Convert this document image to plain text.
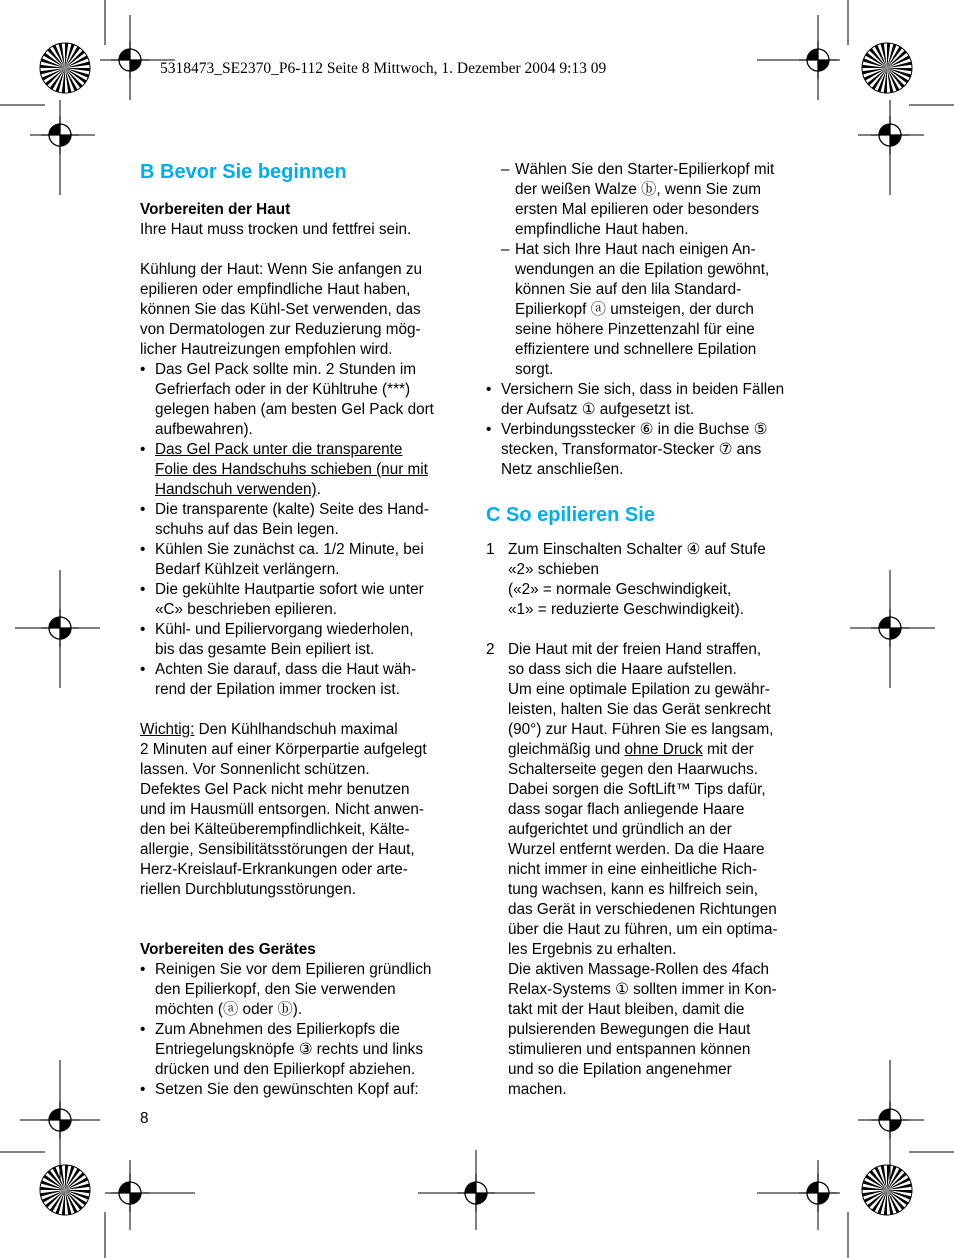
5318473_SE2370_P6-112 Seite 8 Mittwoch, 1. Dezember 2004 9:13 09

B Bevor Sie beginnen

Vorbereiten der Haut

Ihre Haut muss trocken und fettfrei sein.

Kühlung der Haut: Wenn Sie anfangen zu
epilieren oder empfindliche Haut haben,
können Sie das Kühl-Set verwenden, das
von Dermatologen zur Reduzierung mög-
licher Hautreizungen empfohlen wird.
• Das Gel Pack sollte min. 2 Stunden im
Gefrierfach oder in der Kühltruhe (***)
gelegen haben (am besten Gel Pack dort
aufbewahren).
• Das Gel Pack unter die transparente
Folie des Handschuhs schieben (nur mit
Handschuh verwenden).
• Die transparente (kalte) Seite des Hand-
schuhs auf das Bein legen.
• Kühlen Sie zunächst ca. 1/2 Minute, bei
Bedarf Kühlzeit verlängern.
• Die gekühlte Hautpartie sofort wie unter
«C» beschrieben epilieren.
• Kühl- und Epiliervorgang wiederholen,
bis das gesamte Bein epiliert ist.
• Achten Sie darauf, dass die Haut wäh-
rend der Epilation immer trocken ist.

Wichtig: Den Kühlhandschuh maximal

2 Minuten auf einer Körperpartie aufgelegt
lassen. Vor Sonnenlicht schützen.
Defektes Gel Pack nicht mehr benutzen
und im Hausmüll entsorgen. Nicht anwen-
den bei Kälteüberempfindlichkeit, Kälte-
allergie, Sensibilitätsstörungen der Haut,
Herz-Kreislauf-Erkrankungen oder arte-
riellen Durchblutungsstörungen.

Vorbereiten des Gerätes

• Reinigen Sie vor dem Epilieren gründlich
den Epilierkopf, den Sie verwenden
möchten (ⓐ oder ⓑ).
• Zum Abnehmen des Epilierkopfs die
Entriegelungsknöpfe ③ rechts und links
drücken und den Epilierkopf abziehen.
• Setzen Sie den gewünschten Kopf auf:
– Wählen Sie den Starter-Epilierkopf mit
der weißen Walze ⓑ, wenn Sie zum
ersten Mal epilieren oder besonders
empfindliche Haut haben.
– Hat sich Ihre Haut nach einigen An-
wendungen an die Epilation gewöhnt,
können Sie auf den lila Standard-
Epilierkopf ⓐ umsteigen, der durch
seine höhere Pinzettenzahl für eine
effizientere und schnellere Epilation
sorgt.
• Versichern Sie sich, dass in beiden Fällen
der Aufsatz ① aufgesetzt ist.
• Verbindungsstecker ⑥ in die Buchse ⑤
stecken, Transformator-Stecker ⑦ ans
Netz anschließen.

C So epilieren Sie

1 Zum Einschalten Schalter ④ auf Stufe
«2» schieben
(«2» = normale Geschwindigkeit,
«1» = reduzierte Geschwindigkeit).
2 Die Haut mit der freien Hand straffen,
so dass sich die Haare aufstellen.
Um eine optimale Epilation zu gewähr-
leisten, halten Sie das Gerät senkrecht
(90°) zur Haut. Führen Sie es langsam,

gleichmäßig und ohne Druck mit der

Schalterseite gegen den Haarwuchs.
Dabei sorgen die SoftLift™ Tips dafür,
dass sogar flach anliegende Haare
aufgerichtet und gründlich an der
Wurzel entfernt werden. Da die Haare
nicht immer in eine einheitliche Rich-
tung wachsen, kann es hilfreich sein,
das Gerät in verschiedenen Richtungen
über die Haut zu führen, um ein optima-
les Ergebnis zu erhalten.
Die aktiven Massage-Rollen des 4fach
Relax-Systems ① sollten immer in Kon-
takt mit der Haut bleiben, damit die
pulsierenden Bewegungen die Haut
stimulieren und entspannen können
und so die Epilation angenehmer
machen.
8
